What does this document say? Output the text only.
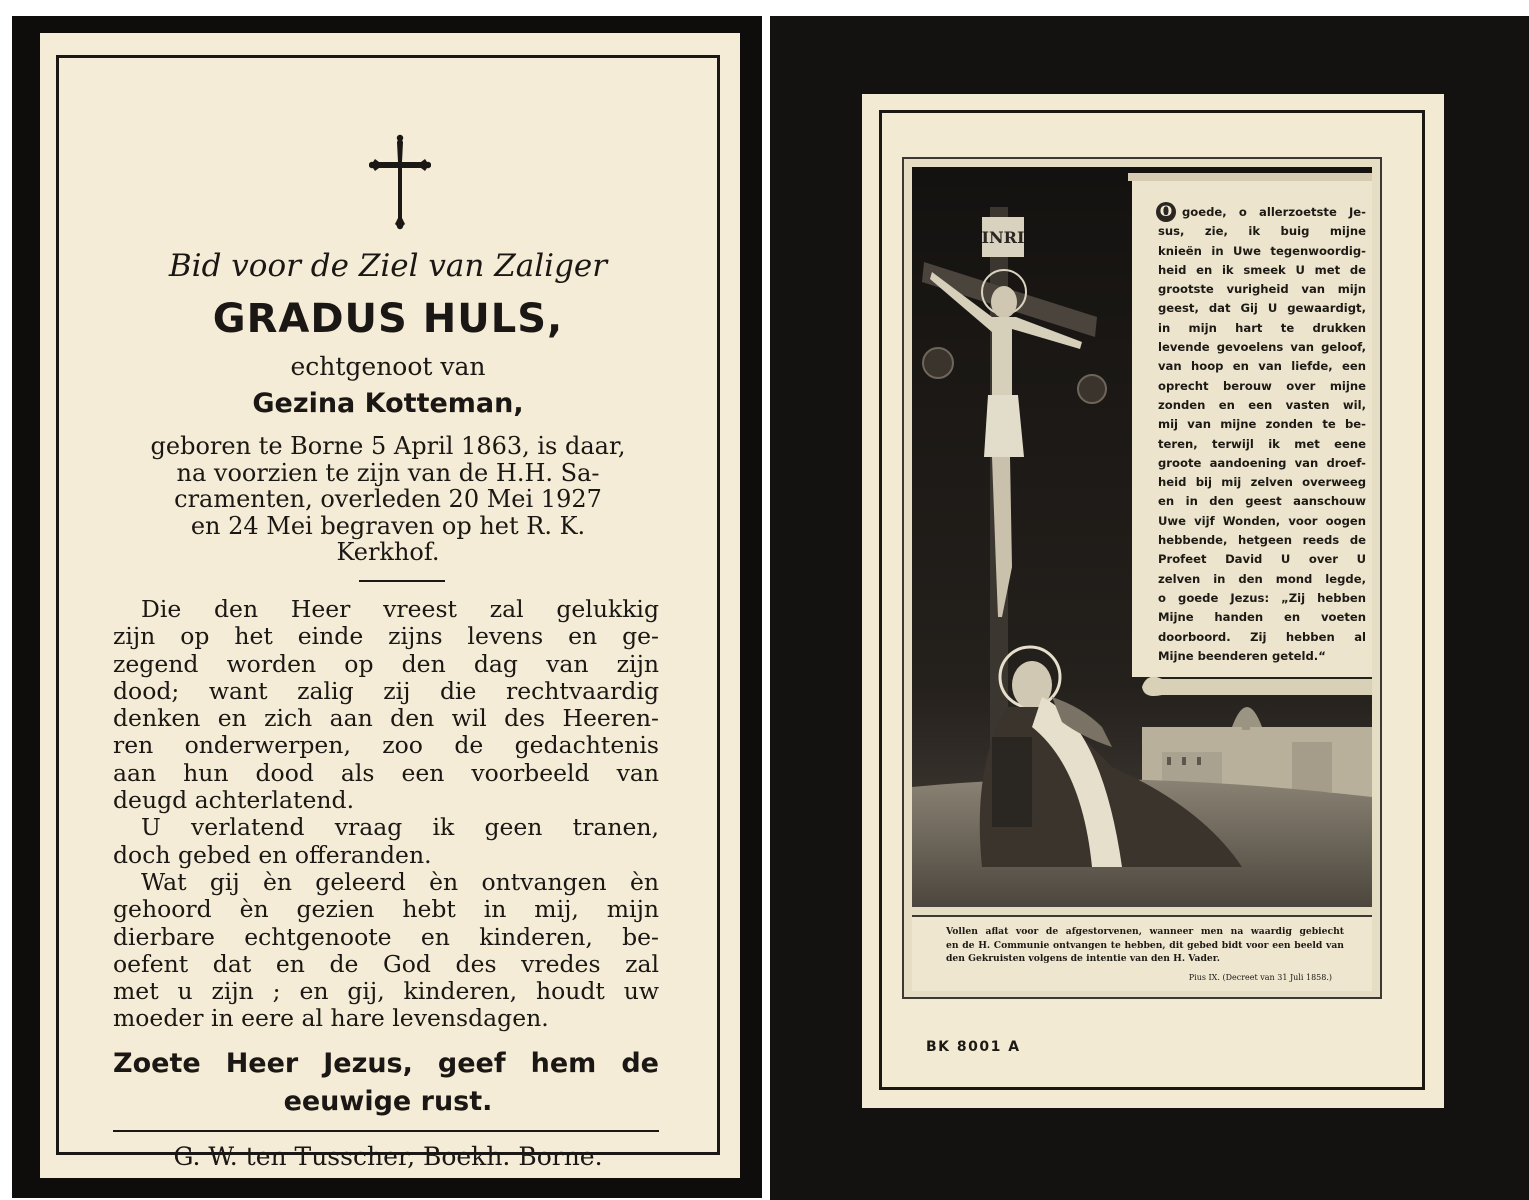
Bid voor de Ziel van Zaliger
GRADUS HULS,
echtgenoot van
Gezina Kotteman,
geboren te Borne 5 April 1863, is daar,
na voorzien te zijn van de H.H. Sa-
cramenten, overleden 20 Mei 1927
en 24 Mei begraven op het R. K.
Kerkhof.
Die den Heer vreest zal gelukkig
zijn op het einde zijns levens en ge-
zegend worden op den dag van zijn
dood; want zalig zij die rechtvaardig
denken en zich aan den wil des Heeren-
ren onderwerpen, zoo de gedachtenis
aan hun dood als een voorbeeld van
deugd achterlatend.
U verlatend vraag ik geen tranen,
doch gebed en offeranden.
Wat gij èn geleerd èn ontvangen èn
gehoord èn gezien hebt in mij, mijn
dierbare echtgenoote en kinderen, be-
oefent dat en de God des vredes zal
met u zijn ; en gij, kinderen, houdt uw
moeder in eere al hare levensdagen.
Zoete Heer Jezus, geef hem de
eeuwige rust.
G. W. ten Tusscher, Boekh. Borne.
INRI
O goede, o allerzoetste Je-
sus, zie, ik buig mijne
knieën in Uwe tegenwoordig-
heid en ik smeek U met de
grootste vurigheid van mijn
geest, dat Gij U gewaardigt,
in mijn hart te drukken
levende gevoelens van geloof,
van hoop en van liefde, een
oprecht berouw over mijne
zonden en een vasten wil,
mij van mijne zonden te be-
teren, terwijl ik met eene
groote aandoening van droef-
heid bij mij zelven overweeg
en in den geest aanschouw
Uwe vijf Wonden, voor oogen
hebbende, hetgeen reeds de
Profeet David U over U
zelven in den mond legde,
o goede Jezus: „Zij hebben
Mijne handen en voeten
doorboord. Zij hebben al
Mijne beenderen geteld.“
Vollen aflat voor de afgestorvenen, wanneer men na waardig gebiecht
en de H. Communie ontvangen te hebben, dit gebed bidt voor een beeld van
den Gekruisten volgens de intentie van den H. Vader.
Pius IX. (Decreet van 31 Juli 1858.)
BK 8001 A
